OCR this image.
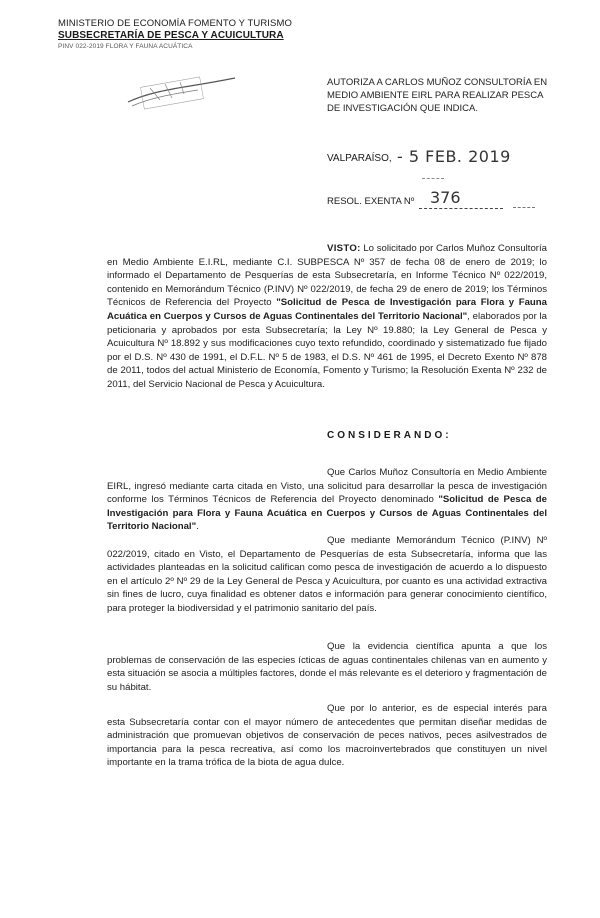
MINISTERIO DE ECONOMÍA FOMENTO Y TURISMO
SUBSECRETARÍA DE PESCA Y ACUICULTURA
PINV 022-2019 FLORA Y FAUNA ACUÁTICA
AUTORIZA A CARLOS MUÑOZ CONSULTORÍA EN MEDIO AMBIENTE EIRL PARA REALIZAR PESCA DE INVESTIGACIÓN QUE INDICA.
VALPARAÍSO, - 5 FEB. 2019
RESOL. EXENTA Nº 376
VISTO: Lo solicitado por Carlos Muñoz Consultoría en Medio Ambiente E.I.RL, mediante C.I. SUBPESCA Nº 357 de fecha 08 de enero de 2019; lo informado el Departamento de Pesquerías de esta Subsecretaría, en Informe Técnico Nº 022/2019, contenido en Memorándum Técnico (P.INV) Nº 022/2019, de fecha 29 de enero de 2019; los Términos Técnicos de Referencia del Proyecto "Solicitud de Pesca de Investigación para Flora y Fauna Acuática en Cuerpos y Cursos de Aguas Continentales del Territorio Nacional", elaborados por la peticionaria y aprobados por esta Subsecretaría; la Ley Nº 19.880; la Ley General de Pesca y Acuicultura Nº 18.892 y sus modificaciones cuyo texto refundido, coordinado y sistematizado fue fijado por el D.S. Nº 430 de 1991, el D.F.L. Nº 5 de 1983, el D.S. Nº 461 de 1995, el Decreto Exento Nº 878 de 2011, todos del actual Ministerio de Economía, Fomento y Turismo; la Resolución Exenta Nº 232 de 2011, del Servicio Nacional de Pesca y Acuicultura.
CONSIDERANDO:
Que Carlos Muñoz Consultoría en Medio Ambiente EIRL, ingresó mediante carta citada en Visto, una solicitud para desarrollar la pesca de investigación conforme los Términos Técnicos de Referencia del Proyecto denominado "Solicitud de Pesca de Investigación para Flora y Fauna Acuática en Cuerpos y Cursos de Aguas Continentales del Territorio Nacional".
Que mediante Memorándum Técnico (P.INV) Nº 022/2019, citado en Visto, el Departamento de Pesquerías de esta Subsecretaría, informa que las actividades planteadas en la solicitud califican como pesca de investigación de acuerdo a lo dispuesto en el artículo 2º Nº 29 de la Ley General de Pesca y Acuicultura, por cuanto es una actividad extractiva sin fines de lucro, cuya finalidad es obtener datos e información para generar conocimiento científico, para proteger la biodiversidad y el patrimonio sanitario del país.
Que la evidencia científica apunta a que los problemas de conservación de las especies ícticas de aguas continentales chilenas van en aumento y esta situación se asocia a múltiples factores, donde el más relevante es el deterioro y fragmentación de su hábitat.
Que por lo anterior, es de especial interés para esta Subsecretaría contar con el mayor número de antecedentes que permitan diseñar medidas de administración que promuevan objetivos de conservación de peces nativos, peces asilvestrados de importancia para la pesca recreativa, así como los macroinvertebrados que constituyen un nivel importante en la trama trófica de la biota de agua dulce.
